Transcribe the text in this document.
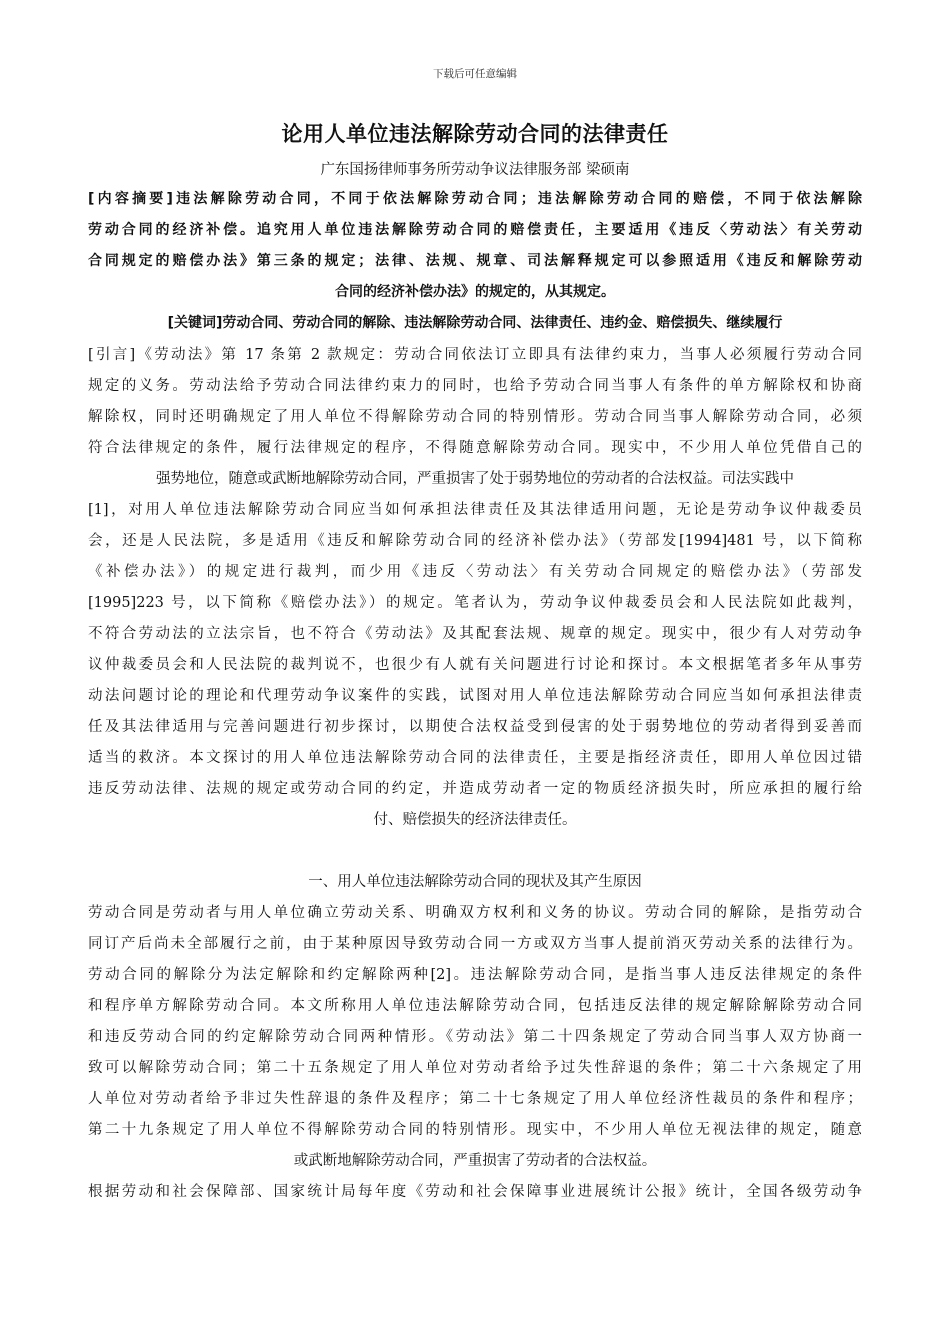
下载后可任意编辑
论用人单位违法解除劳动合同的法律责任
广东国扬律师事务所劳动争议法律服务部 梁硕南
[内容摘要]违法解除劳动合同，不同于依法解除劳动合同；违法解除劳动合同的赔偿，不同于依法解除
劳动合同的经济补偿。追究用人单位违法解除劳动合同的赔偿责任，主要适用《违反〈劳动法〉有关劳动
合同规定的赔偿办法》第三条的规定；法律、法规、规章、司法解释规定可以参照适用《违反和解除劳动
合同的经济补偿办法》的规定的，从其规定。
[关键词]劳动合同、劳动合同的解除、违法解除劳动合同、法律责任、违约金、赔偿损失、继续履行
[引言]《劳动法》第 17 条第 2 款规定：劳动合同依法订立即具有法律约束力，当事人必须履行劳动合同
规定的义务。劳动法给予劳动合同法律约束力的同时，也给予劳动合同当事人有条件的单方解除权和协商
解除权，同时还明确规定了用人单位不得解除劳动合同的特别情形。劳动合同当事人解除劳动合同，必须
符合法律规定的条件，履行法律规定的程序，不得随意解除劳动合同。现实中，不少用人单位凭借自己的
强势地位，随意或武断地解除劳动合同，严重损害了处于弱势地位的劳动者的合法权益。司法实践中
[1]，对用人单位违法解除劳动合同应当如何承担法律责任及其法律适用问题，无论是劳动争议仲裁委员
会，还是人民法院，多是适用《违反和解除劳动合同的经济补偿办法》（劳部发[1994]481 号，以下简称
《补偿办法》）的规定进行裁判，而少用《违反〈劳动法〉有关劳动合同规定的赔偿办法》（劳部发
[1995]223 号，以下简称《赔偿办法》）的规定。笔者认为，劳动争议仲裁委员会和人民法院如此裁判，
不符合劳动法的立法宗旨，也不符合《劳动法》及其配套法规、规章的规定。现实中，很少有人对劳动争
议仲裁委员会和人民法院的裁判说不，也很少有人就有关问题进行讨论和探讨。本文根据笔者多年从事劳
动法问题讨论的理论和代理劳动争议案件的实践，试图对用人单位违法解除劳动合同应当如何承担法律责
任及其法律适用与完善问题进行初步探讨，以期使合法权益受到侵害的处于弱势地位的劳动者得到妥善而
适当的救济。本文探讨的用人单位违法解除劳动合同的法律责任，主要是指经济责任，即用人单位因过错
违反劳动法律、法规的规定或劳动合同的约定，并造成劳动者一定的物质经济损失时，所应承担的履行给
付、赔偿损失的经济法律责任。
一、用人单位违法解除劳动合同的现状及其产生原因
劳动合同是劳动者与用人单位确立劳动关系、明确双方权利和义务的协议。劳动合同的解除，是指劳动合
同订产后尚未全部履行之前，由于某种原因导致劳动合同一方或双方当事人提前消灭劳动关系的法律行为。
劳动合同的解除分为法定解除和约定解除两种[2]。违法解除劳动合同，是指当事人违反法律规定的条件
和程序单方解除劳动合同。本文所称用人单位违法解除劳动合同，包括违反法律的规定解除解除劳动合同
和违反劳动合同的约定解除劳动合同两种情形。《劳动法》第二十四条规定了劳动合同当事人双方协商一
致可以解除劳动合同；第二十五条规定了用人单位对劳动者给予过失性辞退的条件；第二十六条规定了用
人单位对劳动者给予非过失性辞退的条件及程序；第二十七条规定了用人单位经济性裁员的条件和程序；
第二十九条规定了用人单位不得解除劳动合同的特别情形。现实中，不少用人单位无视法律的规定，随意
或武断地解除劳动合同，严重损害了劳动者的合法权益。
根据劳动和社会保障部、国家统计局每年度《劳动和社会保障事业进展统计公报》统计，全国各级劳动争
